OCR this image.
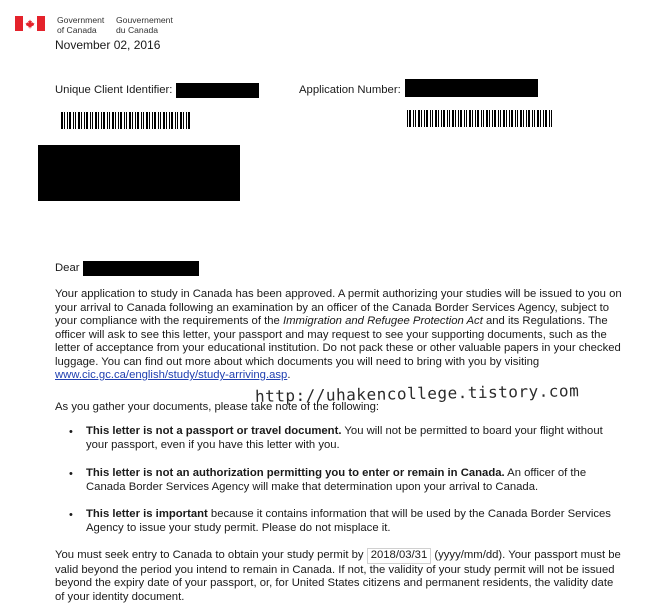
Government
of Canada
Gouvernement
du Canada
November 02, 2016
Unique Client Identifier:	Application Number:
Dear

Your application to study in Canada has been approved. A permit authorizing your studies will be issued to you on your arrival to Canada following an examination by an officer of the Canada Border Services Agency, subject to your compliance with the requirements of the Immigration and Refugee Protection Act and its Regulations. The officer will ask to see this letter, your passport and may request to see your supporting documents, such as the letter of acceptance from your educational institution. Do not pack these or other valuable papers in your checked luggage. You can find out more about which documents you will need to bring with you by visiting www.cic.gc.ca/english/study/study-arriving.asp.

http://uhakencollege.tistory.com

As you gather your documents, please take note of the following:

• This letter is not a passport or travel document. You will not be permitted to board your flight without your passport, even if you have this letter with you.

• This letter is not an authorization permitting you to enter or remain in Canada. An officer of the Canada Border Services Agency will make that determination upon your arrival to Canada.

• This letter is important because it contains information that will be used by the Canada Border Services Agency to issue your study permit. Please do not misplace it.

You must seek entry to Canada to obtain your study permit by 2018/03/31 (yyyy/mm/dd). Your passport must be valid beyond the period you intend to remain in Canada. If not, the validity of your study permit will not be issued beyond the expiry date of your passport, or, for United States citizens and permanent residents, the validity date of your identity document.
